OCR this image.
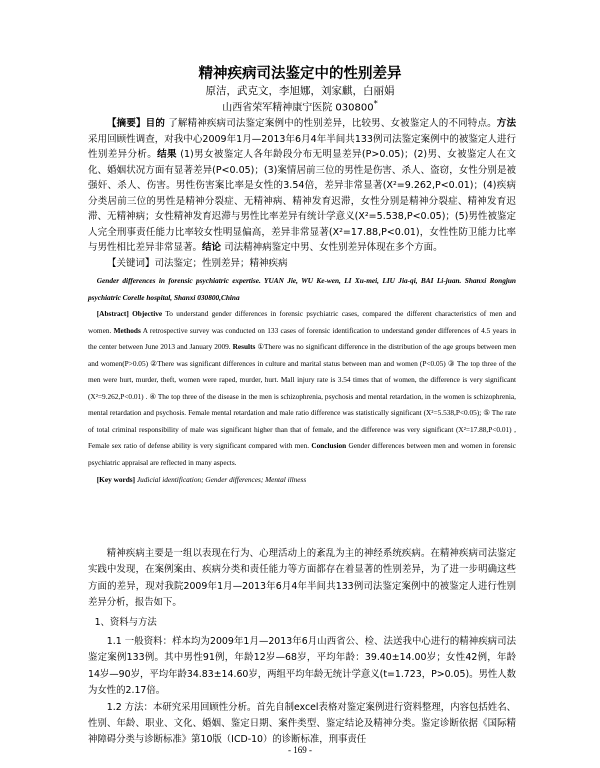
精神疾病司法鉴定中的性别差异
原洁，武克文，李旭娜，刘家麒，白丽娟
山西省荣军精神康宁医院 030800*

【摘要】目的 了解精神疾病司法鉴定案例中的性别差异，比较男、女被鉴定人的不同特点。方法 采用回顾性调查，对我中心2009年1月—2013年6月4年半间共133例司法鉴定案例中的被鉴定人进行性别差异分析。结果 (1)男女被鉴定人各年龄段分布无明显差异(P>0.05)；(2)男、女被鉴定人在文化、婚姻状况方面有显著差异(P<0.05)；(3)案情居前三位的男性是伤害、杀人、盗窃，女性分别是被强奸、杀人、伤害。男性伤害案比率是女性的3.54倍，差异非常显著(X²=9.262,P<0.01)；(4)疾病分类居前三位的男性是精神分裂症、无精神病、精神发育迟滞，女性分别是精神分裂症、精神发育迟滞、无精神病；女性精神发育迟滞与男性比率差异有统计学意义(X²=5.538,P<0.05)；(5)男性被鉴定人完全刑事责任能力比率较女性明显偏高，差异非常显著(X²=17.88,P<0.01)，女性性防卫能力比率与男性相比差异非常显著。结论 司法精神病鉴定中男、女性别差异体现在多个方面。

【关键词】司法鉴定；性别差异；精神疾病

Gender differences in forensic psychiatric expertise. YUAN Jie, WU Ke-wen, LI Xu-mei, LIU Jia-qi, BAI Li-juan. Shanxi Rongjun psychiatric Corelle hospital, Shanxi 030800,China

[Abstract] Objective To understand gender differences in forensic psychiatric cases, compared the different characteristics of men and women. Methods A retrospective survey was conducted on 133 cases of forensic identification to understand gender differences of 4.5 years in the center between June 2013 and January 2009. Results ①There was no significant difference in the distribution of the age groups between men and women(P>0.05) ②There was significant differences in culture and marital status between man and women (P<0.05) ③ The top three of the men were hurt, murder, theft, women were raped, murder, hurt. Mall injury rate is 3.54 times that of women, the difference is very significant (X²=9.262,P<0.01) . ④ The top three of the disease in the men is schizophrenia, psychosis and mental retardation, in the women is schizophrenia, mental retardation and psychosis. Female mental retardation and male ratio difference was statistically significant (X²=5.538,P<0.05); ⑤ The rate of total criminal responsibility of male was significant higher than that of female, and the difference was very significant (X²=17.88,P<0.01) , Female sex ratio of defense ability is very significant compared with men. Conclusion Gender differences between men and women in forensic psychiatric appraisal are reflected in many aspects.

[Key words] Judicial identification; Gender differences; Mental illness

精神疾病主要是一组以表现在行为、心理活动上的紊乱为主的神经系统疾病。在精神疾病司法鉴定实践中发现，在案例案由、疾病分类和责任能力等方面都存在着显著的性别差异，为了进一步明确这些方面的差异，现对我院2009年1月—2013年6月4年半间共133例司法鉴定案例中的被鉴定人进行性别差异分析，报告如下。

1、资料与方法

1.1 一般资料：样本均为2009年1月—2013年6月山西省公、检、法送我中心进行的精神疾病司法鉴定案例133例。其中男性91例，年龄12岁—68岁，平均年龄：39.40±14.00岁；女性42例，年龄14岁—90岁，平均年龄34.83±14.60岁，两组平均年龄无统计学意义(t=1.723，P>0.05)。男性人数为女性的2.17倍。

1.2 方法：本研究采用回顾性分析。首先自制excel表格对鉴定案例进行资料整理，内容包括姓名、性别、年龄、职业、文化、婚姻、鉴定日期、案件类型、鉴定结论及精神分类。鉴定诊断依据《国际精神障碍分类与诊断标准》第10版（ICD-10）的诊断标准，刑事责任

- 169 -
